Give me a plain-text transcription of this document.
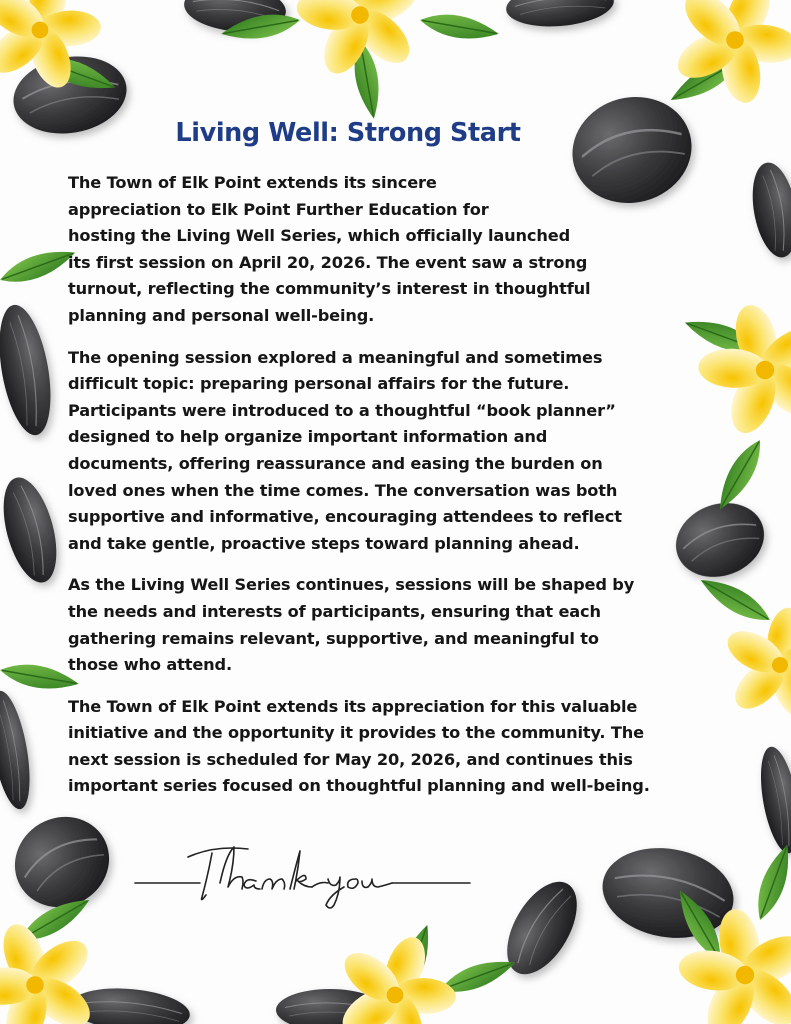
Living Well: Strong Start

The Town of Elk Point extends its sincere
appreciation to Elk Point Further Education for
hosting the Living Well Series, which officially launched
its first session on April 20, 2026. The event saw a strong
turnout, reflecting the community’s interest in thoughtful
planning and personal well-being.

The opening session explored a meaningful and sometimes
difficult topic: preparing personal affairs for the future.
Participants were introduced to a thoughtful “book planner”
designed to help organize important information and
documents, offering reassurance and easing the burden on
loved ones when the time comes. The conversation was both
supportive and informative, encouraging attendees to reflect
and take gentle, proactive steps toward planning ahead.

As the Living Well Series continues, sessions will be shaped by
the needs and interests of participants, ensuring that each
gathering remains relevant, supportive, and meaningful to
those who attend.

The Town of Elk Point extends its appreciation for this valuable
initiative and the opportunity it provides to the community. The
next session is scheduled for May 20, 2026, and continues this
important series focused on thoughtful planning and well-being.
